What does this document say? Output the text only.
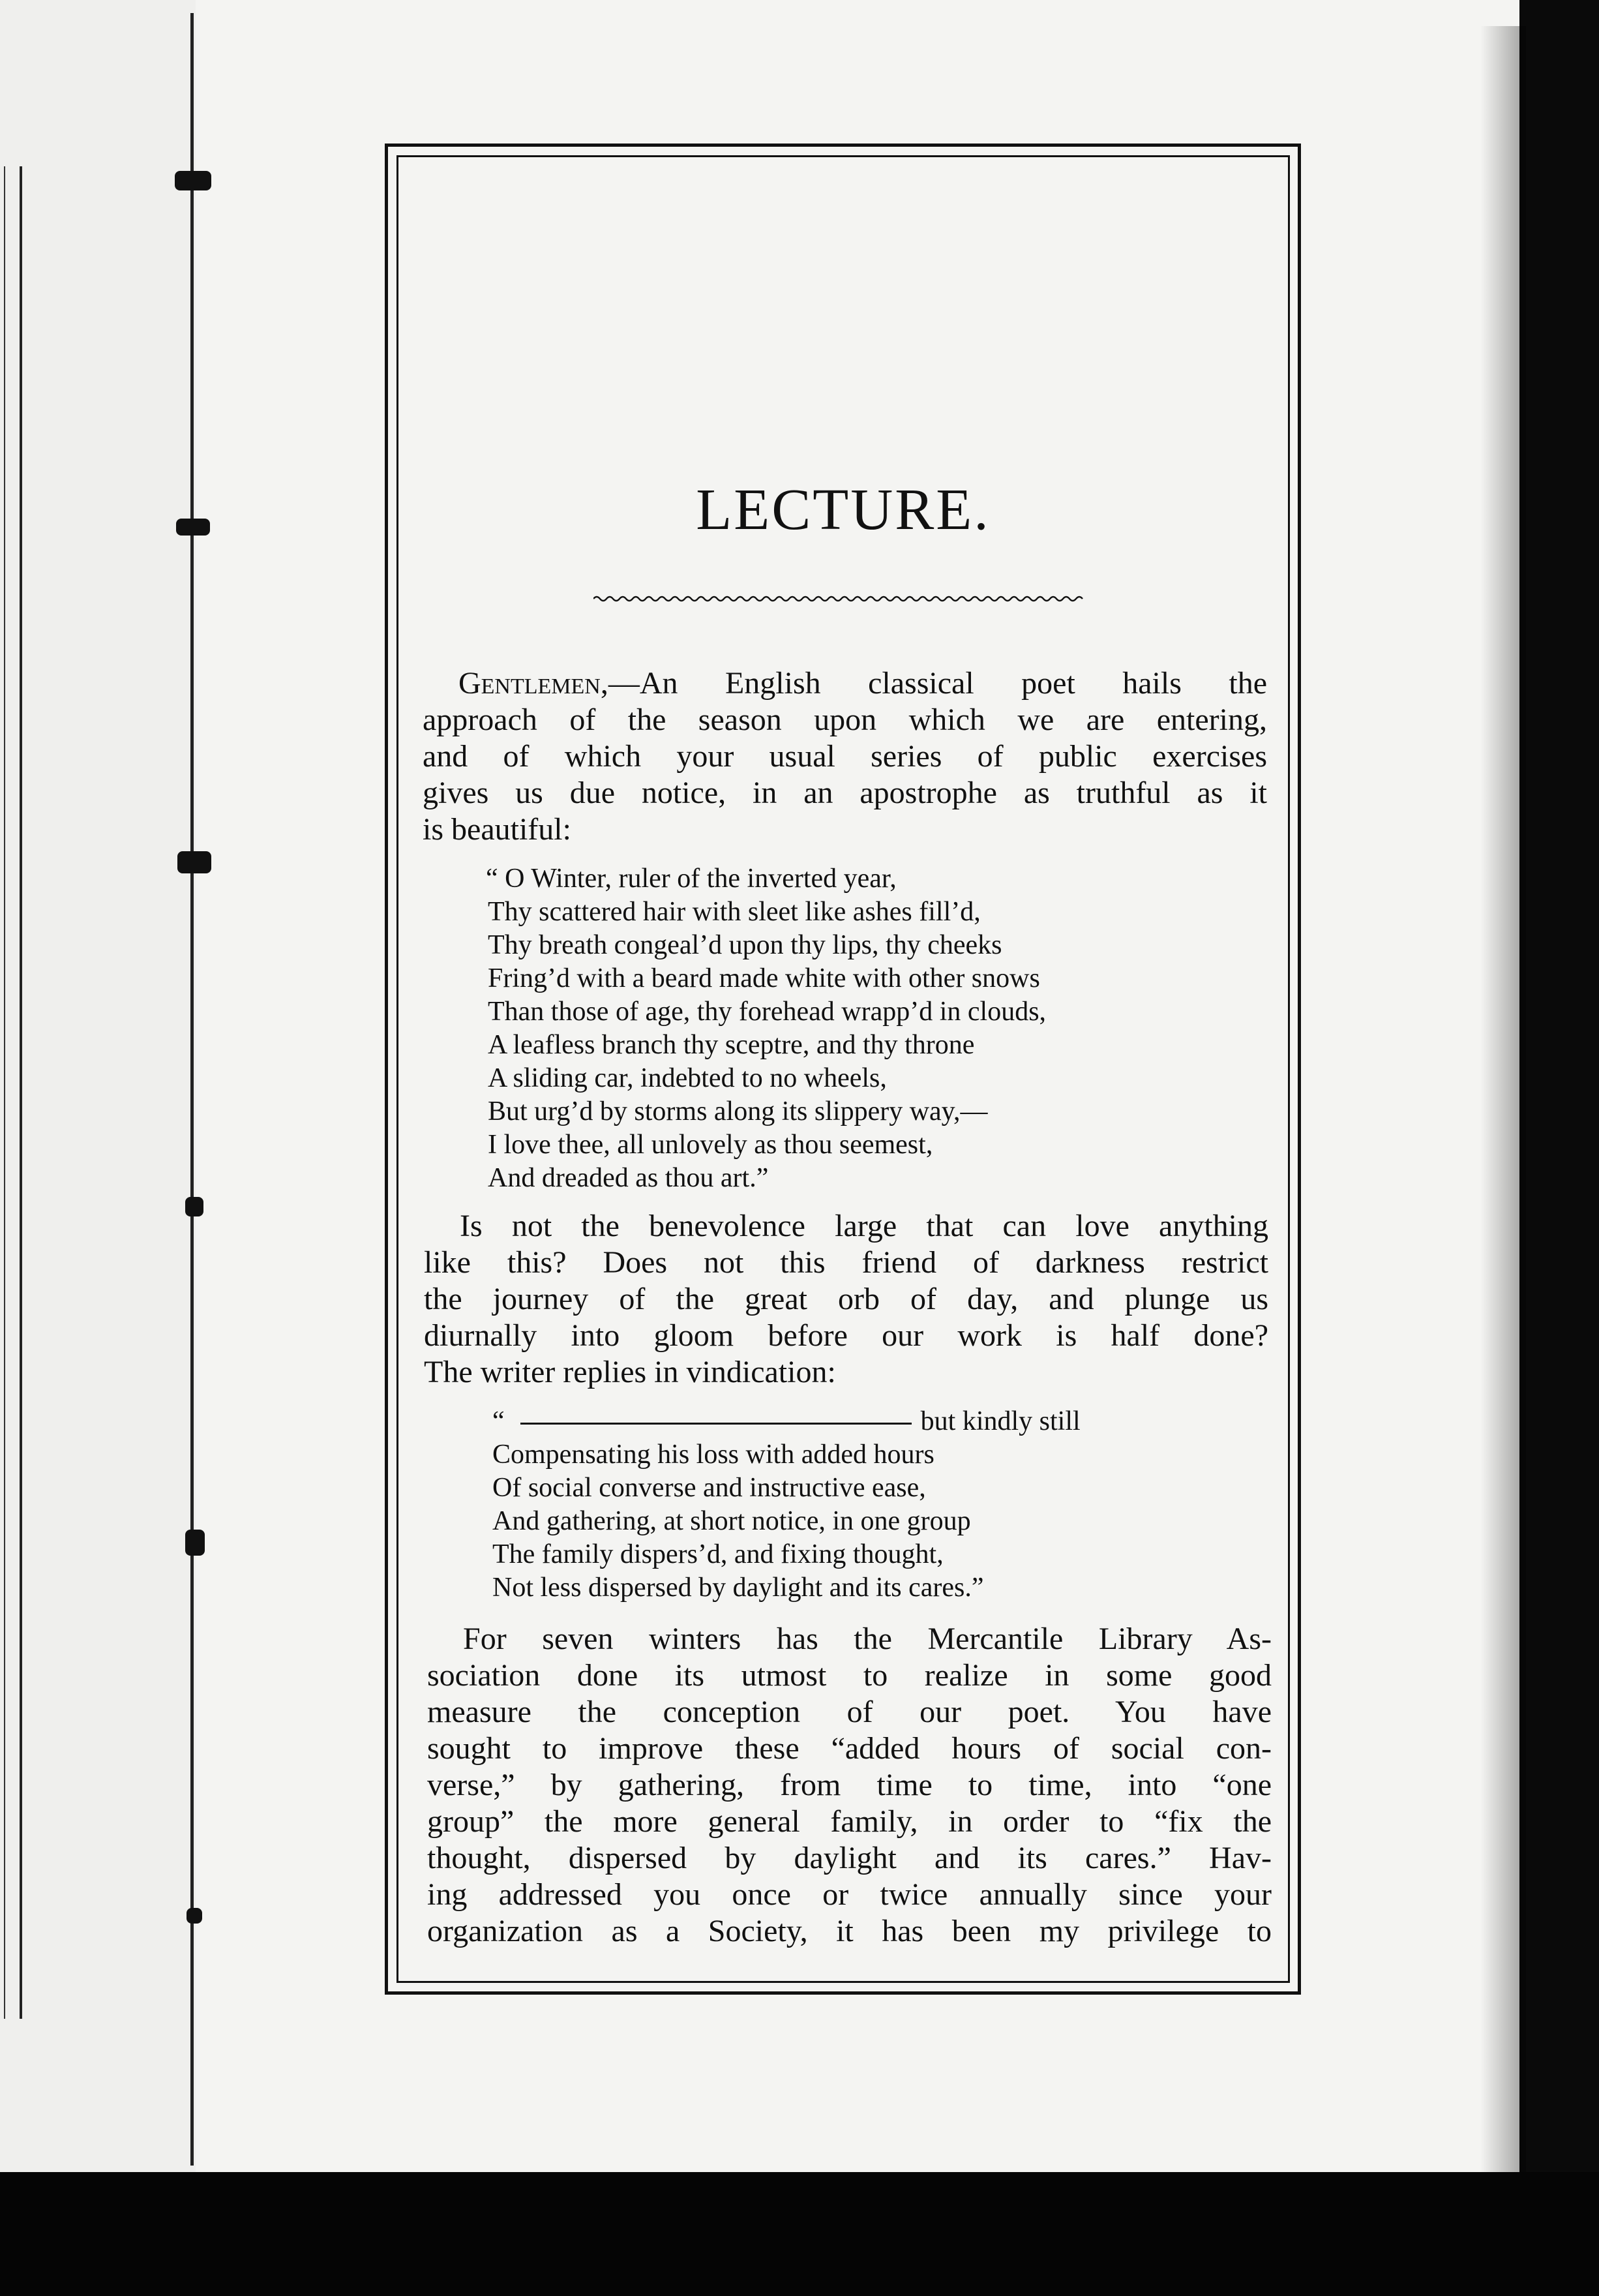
LECTURE.
Gentlemen,—An English classical poet hails the
approach of the season upon which we are entering,
and of which your usual series of public exercises
gives us due notice, in an apostrophe as truthful as it
is beautiful:
“ O Winter, ruler of the inverted year,
Thy scattered hair with sleet like ashes fill’d,
Thy breath congeal’d upon thy lips, thy cheeks
Fring’d with a beard made white with other snows
Than those of age, thy forehead wrapp’d in clouds,
A leafless branch thy sceptre, and thy throne
A sliding car, indebted to no wheels,
But urg’d by storms along its slippery way,—
I love thee, all unlovely as thou seemest,
And dreaded as thou art.”
Is not the benevolence large that can love anything
like this? Does not this friend of darkness restrict
the journey of the great orb of day, and plunge us
diurnally into gloom before our work is half done?
The writer replies in vindication:
“	but kindly still
Compensating his loss with added hours
Of social converse and instructive ease,
And gathering, at short notice, in one group
The family dispers’d, and fixing thought,
Not less dispersed by daylight and its cares.”
For seven winters has the Mercantile Library As-
sociation done its utmost to realize in some good
measure the conception of our poet. You have
sought to improve these “added hours of social con-
verse,” by gathering, from time to time, into “one
group” the more general family, in order to “fix the
thought, dispersed by daylight and its cares.” Hav-
ing addressed you once or twice annually since your
organization as a Society, it has been my privilege to
